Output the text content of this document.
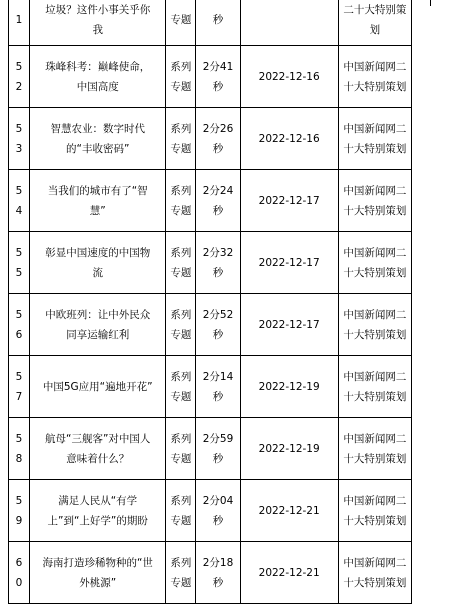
1	垃圾？这件小事关乎你我	专题	秒		二十大特别策划

52	珠峰科考：巅峰使命，中国高度	系列专题	2分41秒	2022-12-16	中国新闻网二十大特别策划

53	智慧农业：数字时代的“丰收密码”	系列专题	2分26秒	2022-12-16	中国新闻网二十大特别策划

54	当我们的城市有了“智慧”	系列专题	2分24秒	2022-12-17	中国新闻网二十大特别策划

55	彰显中国速度的中国物流	系列专题	2分32秒	2022-12-17	中国新闻网二十大特别策划

56	中欧班列：让中外民众同享运输红利	系列专题	2分52秒	2022-12-17	中国新闻网二十大特别策划

57	中国5G应用“遍地开花”	系列专题	2分14秒	2022-12-19	中国新闻网二十大特别策划

58	航母“三舰客”对中国人意味着什么？	系列专题	2分59秒	2022-12-19	中国新闻网二十大特别策划

59	满足人民从“有学上”到“上好学”的期盼	系列专题	2分04秒	2022-12-21	中国新闻网二十大特别策划

60	海南打造珍稀物种的“世外桃源”	系列专题	2分18秒	2022-12-21	中国新闻网二十大特别策划
